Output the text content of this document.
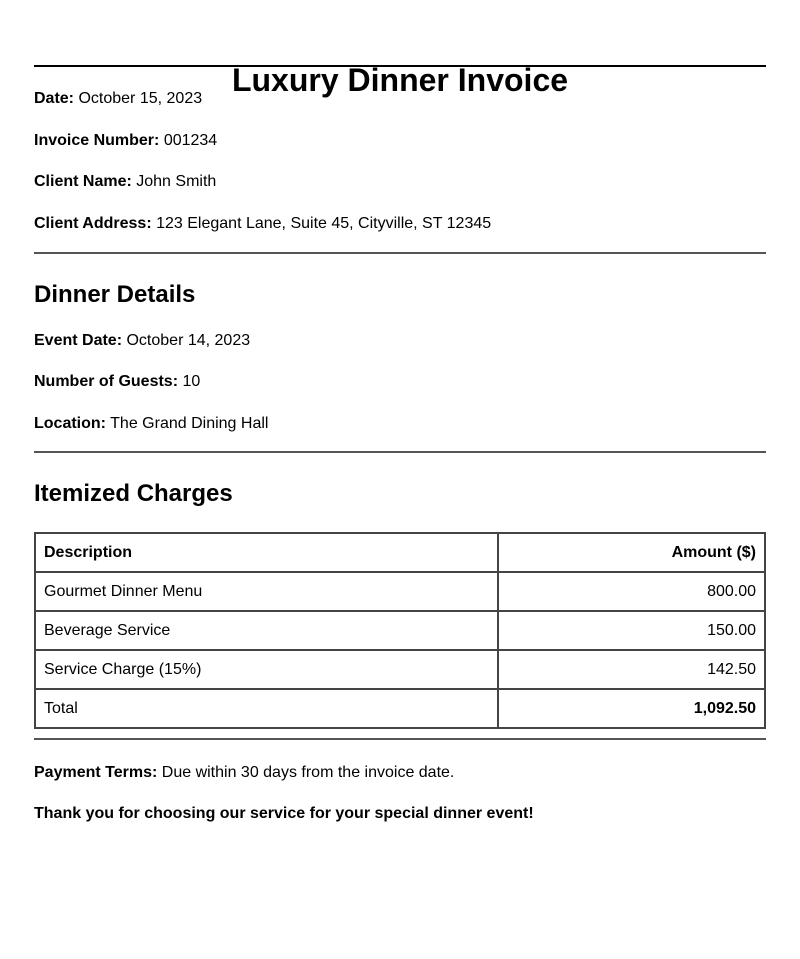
Luxury Dinner Invoice
Date: October 15, 2023
Invoice Number: 001234
Client Name: John Smith
Client Address: 123 Elegant Lane, Suite 45, Cityville, ST 12345
Dinner Details
Event Date: October 14, 2023
Number of Guests: 10
Location: The Grand Dining Hall
Itemized Charges
Description	Amount ($)
Gourmet Dinner Menu	800.00
Beverage Service	150.00
Service Charge (15%)	142.50
Total	1,092.50
Payment Terms: Due within 30 days from the invoice date.
Thank you for choosing our service for your special dinner event!
